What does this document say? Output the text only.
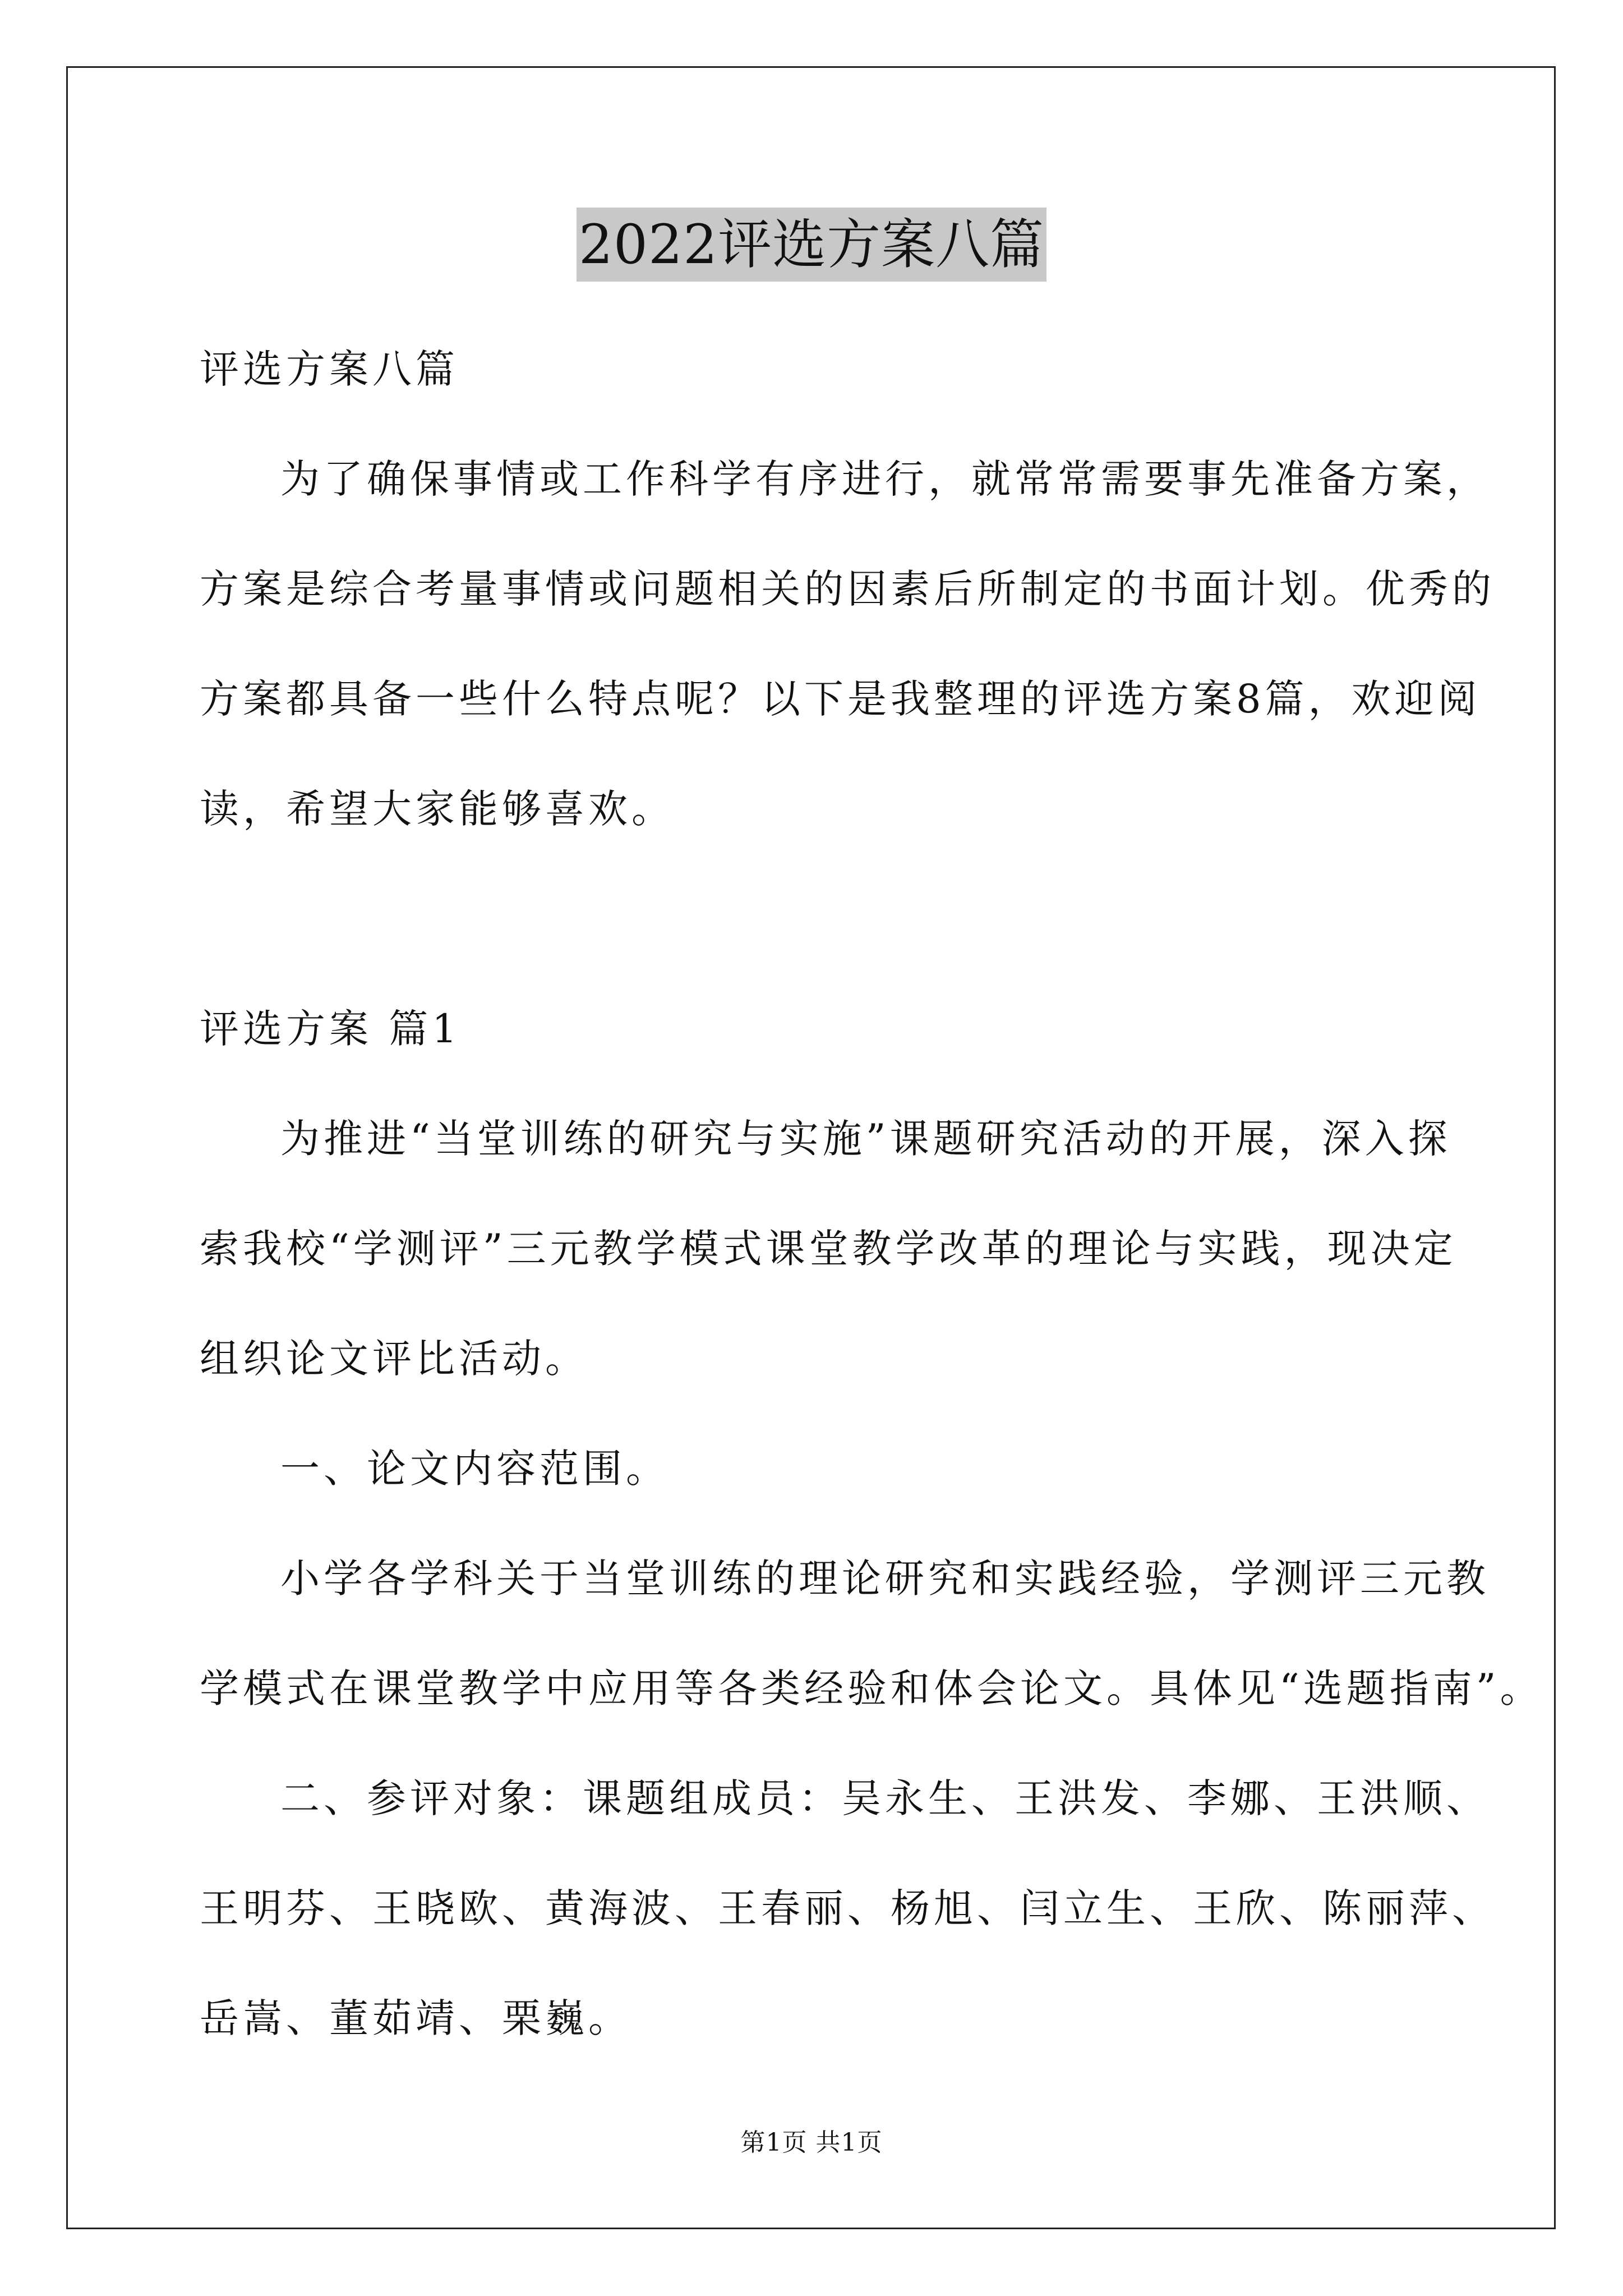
2022评选方案八篇
评选方案八篇
为了确保事情或工作科学有序进行，就常常需要事先准备方案，
方案是综合考量事情或问题相关的因素后所制定的书面计划。优秀的
方案都具备一些什么特点呢？以下是我整理的评选方案8篇，欢迎阅
读，希望大家能够喜欢。
评选方案 篇1
为推进“当堂训练的研究与实施”课题研究活动的开展，深入探
索我校“学测评”三元教学模式课堂教学改革的理论与实践，现决定
组织论文评比活动。
一、论文内容范围。
小学各学科关于当堂训练的理论研究和实践经验，学测评三元教
学模式在课堂教学中应用等各类经验和体会论文。具体见“选题指南”。
二、参评对象：课题组成员：吴永生、王洪发、李娜、王洪顺、
王明芬、王晓欧、黄海波、王春丽、杨旭、闫立生、王欣、陈丽萍、
岳嵩、董茹靖、栗巍。
第1页 共1页
